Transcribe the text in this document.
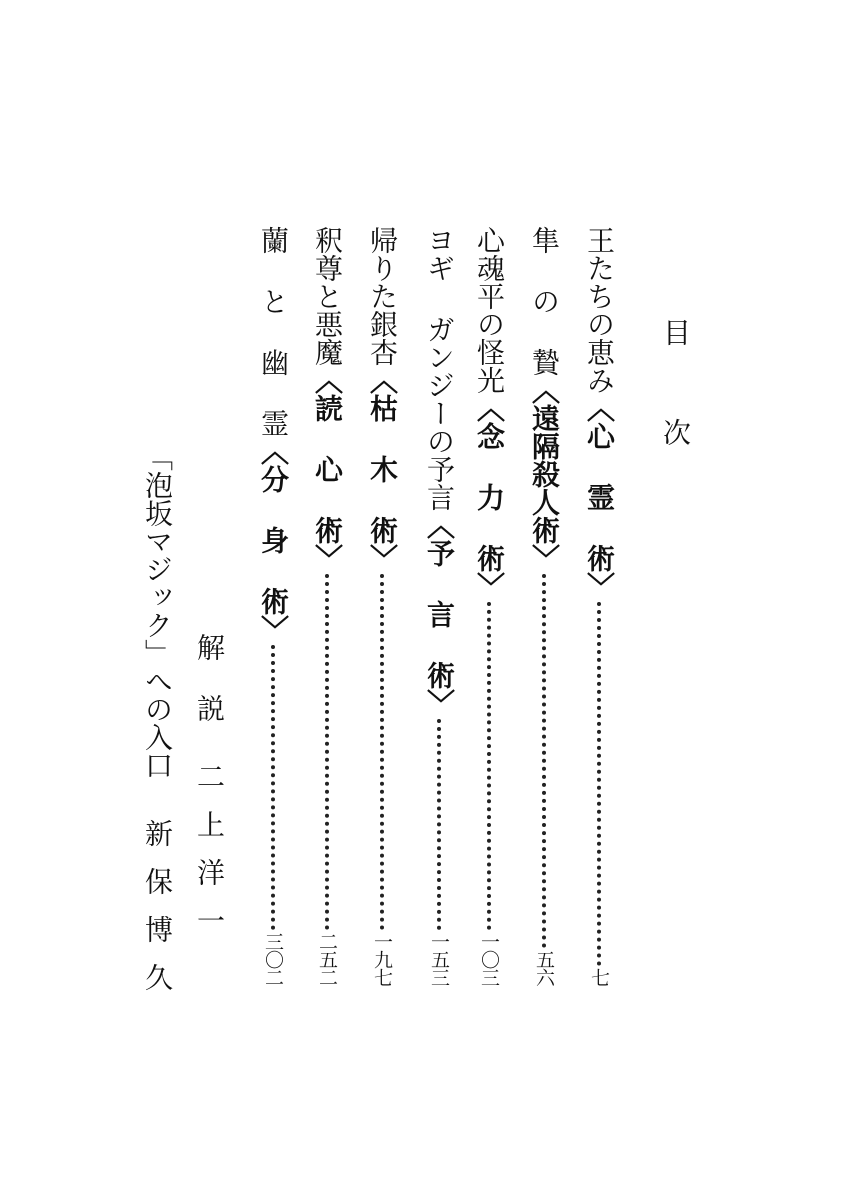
目次
王たちの恵み
〈心 霊 術〉
七
隼 の 贄
〈遠隔殺人術〉
五六
心魂平の怪光
〈念 力 術〉
一〇三
ヨギ ガンジーの予言
〈予 言 術〉
一五三
帰りた銀杏
〈枯 木 術〉
一九七
釈尊と悪魔
〈読 心 術〉
二五二
蘭 と 幽 霊
〈分 身 術〉
三〇二
解 説二上洋一
「泡坂マジック」への入口新保博久
